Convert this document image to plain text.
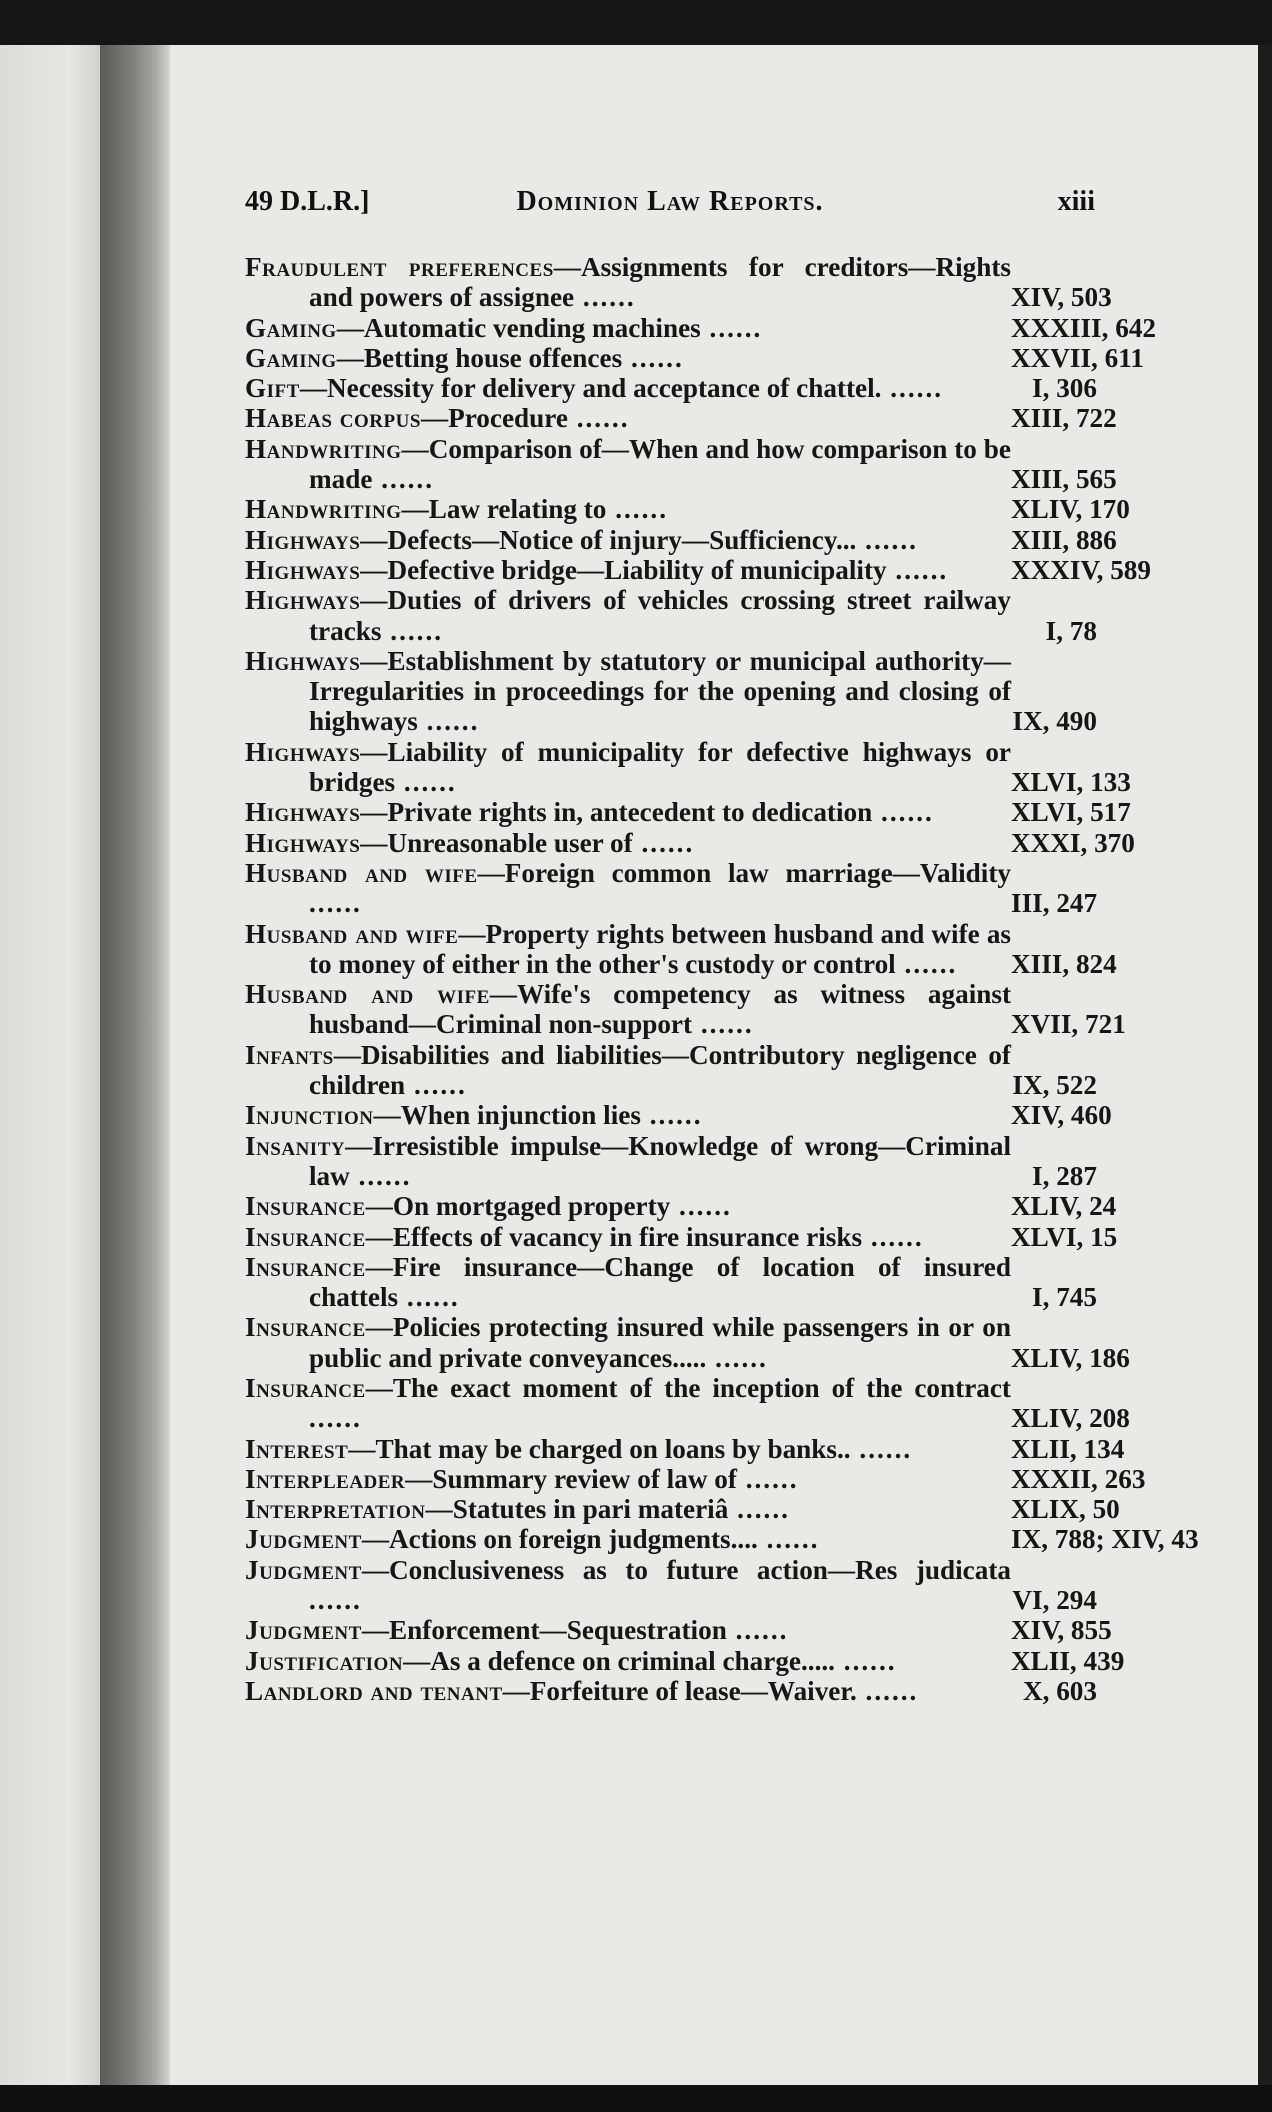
49 D.L.R.]	Dominion Law Reports.	xiii
Fraudulent preferences—Assignments for creditors—Rights and powers of assignee ......	XIV, 503
Gaming—Automatic vending machines ......	XXXIII, 642
Gaming—Betting house offences ......	XXVII, 611
Gift—Necessity for delivery and acceptance of chattel. ......	I, 306
Habeas corpus—Procedure ......	XIII, 722
Handwriting—Comparison of—When and how comparison to be made ......	XIII, 565
Handwriting—Law relating to ......	XLIV, 170
Highways—Defects—Notice of injury—Sufficiency... ......	XIII, 886
Highways—Defective bridge—Liability of municipality ......	XXXIV, 589
Highways—Duties of drivers of vehicles crossing street railway tracks ......	I, 78
Highways—Establishment by statutory or municipal authority—Irregularities in proceedings for the opening and closing of highways ......	IX, 490
Highways—Liability of municipality for defective highways or bridges ......	XLVI, 133
Highways—Private rights in, antecedent to dedication ......	XLVI, 517
Highways—Unreasonable user of ......	XXXI, 370
Husband and wife—Foreign common law marriage—Validity ......	III, 247
Husband and wife—Property rights between husband and wife as to money of either in the other's custody or control ......	XIII, 824
Husband and wife—Wife's competency as witness against husband—Criminal non-support ......	XVII, 721
Infants—Disabilities and liabilities—Contributory negligence of children ......	IX, 522
Injunction—When injunction lies ......	XIV, 460
Insanity—Irresistible impulse—Knowledge of wrong—Criminal law ......	I, 287
Insurance—On mortgaged property ......	XLIV, 24
Insurance—Effects of vacancy in fire insurance risks ......	XLVI, 15
Insurance—Fire insurance—Change of location of insured chattels ......	I, 745
Insurance—Policies protecting insured while passengers in or on public and private conveyances..... ......	XLIV, 186
Insurance—The exact moment of the inception of the contract ......	XLIV, 208
Interest—That may be charged on loans by banks.. ......	XLII, 134
Interpleader—Summary review of law of ......	XXXII, 263
Interpretation—Statutes in pari materiâ ......	XLIX, 50
Judgment—Actions on foreign judgments.... ......	IX, 788; XIV, 43
Judgment—Conclusiveness as to future action—Res judicata ......	VI, 294
Judgment—Enforcement—Sequestration ......	XIV, 855
Justification—As a defence on criminal charge..... ......	XLII, 439
Landlord and tenant—Forfeiture of lease—Waiver. ......	X, 603
